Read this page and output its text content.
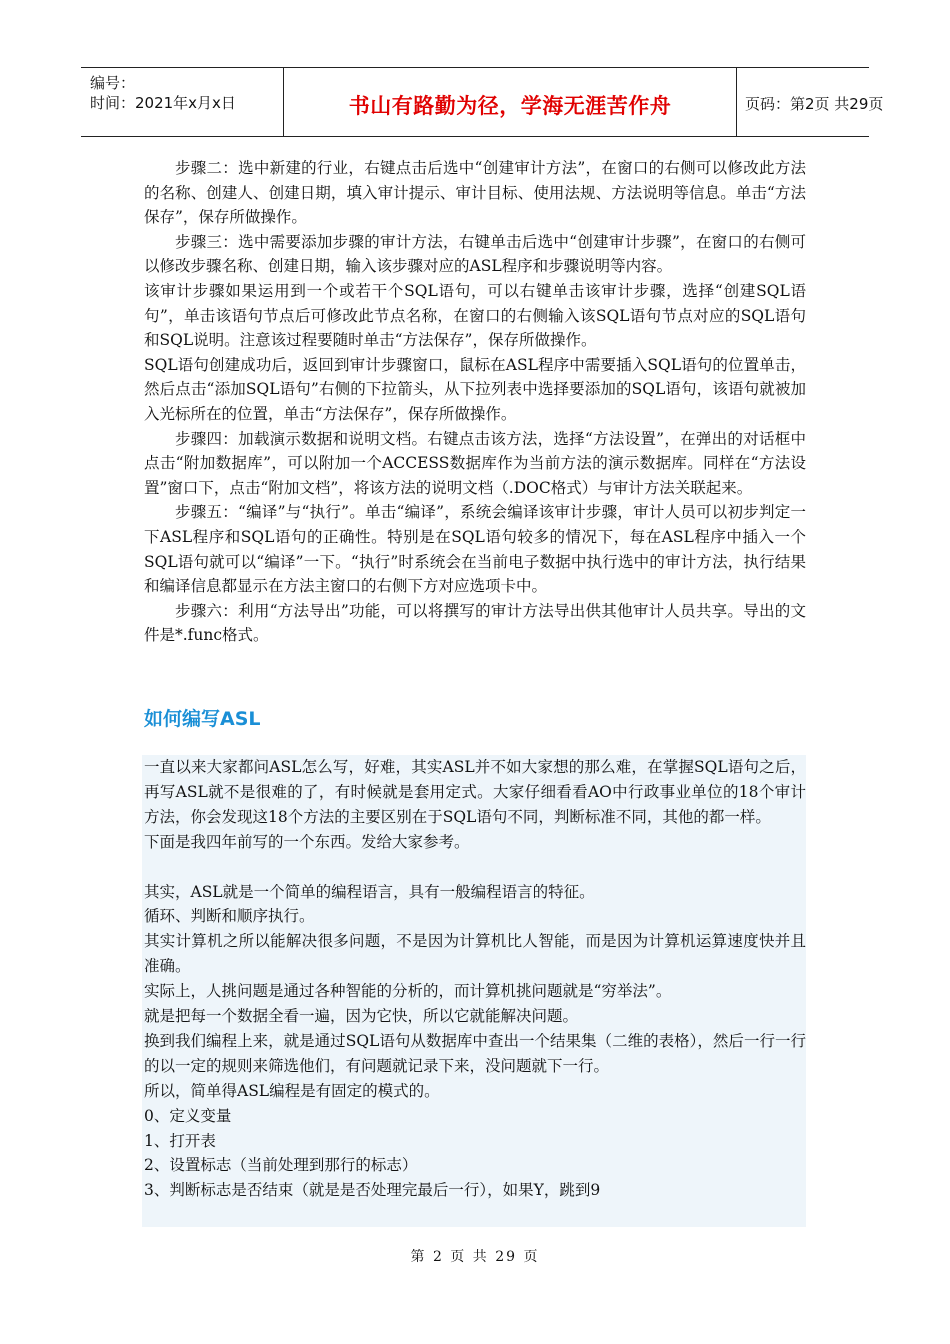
编号：
时间：2021年x月x日	书山有路勤为径，学海无涯苦作舟	页码：第2页 共29页

步骤二：选中新建的行业，右键点击后选中“创建审计方法”，在窗口的右侧可以修改此方法的名称、创建人、创建日期，填入审计提示、审计目标、使用法规、方法说明等信息。单击“方法保存”，保存所做操作。

步骤三：选中需要添加步骤的审计方法，右键单击后选中“创建审计步骤”，在窗口的右侧可以修改步骤名称、创建日期，输入该步骤对应的ASL程序和步骤说明等内容。

该审计步骤如果运用到一个或若干个SQL语句，可以右键单击该审计步骤，选择“创建SQL语句”，单击该语句节点后可修改此节点名称，在窗口的右侧输入该SQL语句节点对应的SQL语句和SQL说明。注意该过程要随时单击“方法保存”，保存所做操作。

SQL语句创建成功后，返回到审计步骤窗口，鼠标在ASL程序中需要插入SQL语句的位置单击，然后点击“添加SQL语句”右侧的下拉箭头，从下拉列表中选择要添加的SQL语句，该语句就被加入光标所在的位置，单击“方法保存”，保存所做操作。

步骤四：加载演示数据和说明文档。右键点击该方法，选择“方法设置”，在弹出的对话框中点击“附加数据库”，可以附加一个ACCESS数据库作为当前方法的演示数据库。同样在“方法设置”窗口下，点击“附加文档”，将该方法的说明文档（.DOC格式）与审计方法关联起来。

步骤五：“编译”与“执行”。单击“编译”，系统会编译该审计步骤，审计人员可以初步判定一下ASL程序和SQL语句的正确性。特别是在SQL语句较多的情况下，每在ASL程序中插入一个SQL语句就可以“编译”一下。“执行”时系统会在当前电子数据中执行选中的审计方法，执行结果和编译信息都显示在方法主窗口的右侧下方对应选项卡中。

步骤六：利用“方法导出”功能，可以将撰写的审计方法导出供其他审计人员共享。导出的文件是*.func格式。

如何编写ASL

一直以来大家都问ASL怎么写，好难，其实ASL并不如大家想的那么难，在掌握SQL语句之后，再写ASL就不是很难的了，有时候就是套用定式。大家仔细看看AO中行政事业单位的18个审计方法，你会发现这18个方法的主要区别在于SQL语句不同，判断标准不同，其他的都一样。

下面是我四年前写的一个东西。发给大家参考。

其实，ASL就是一个简单的编程语言，具有一般编程语言的特征。

循环、判断和顺序执行。

其实计算机之所以能解决很多问题，不是因为计算机比人智能，而是因为计算机运算速度快并且准确。

实际上，人挑问题是通过各种智能的分析的，而计算机挑问题就是“穷举法”。

就是把每一个数据全看一遍，因为它快，所以它就能解决问题。

换到我们编程上来，就是通过SQL语句从数据库中查出一个结果集（二维的表格），然后一行一行的以一定的规则来筛选他们，有问题就记录下来，没问题就下一行。

所以，简单得ASL编程是有固定的模式的。

0、定义变量

1、打开表

2、设置标志（当前处理到那行的标志）

3、判断标志是否结束（就是是否处理完最后一行），如果Y，跳到9

第 2 页 共 29 页
